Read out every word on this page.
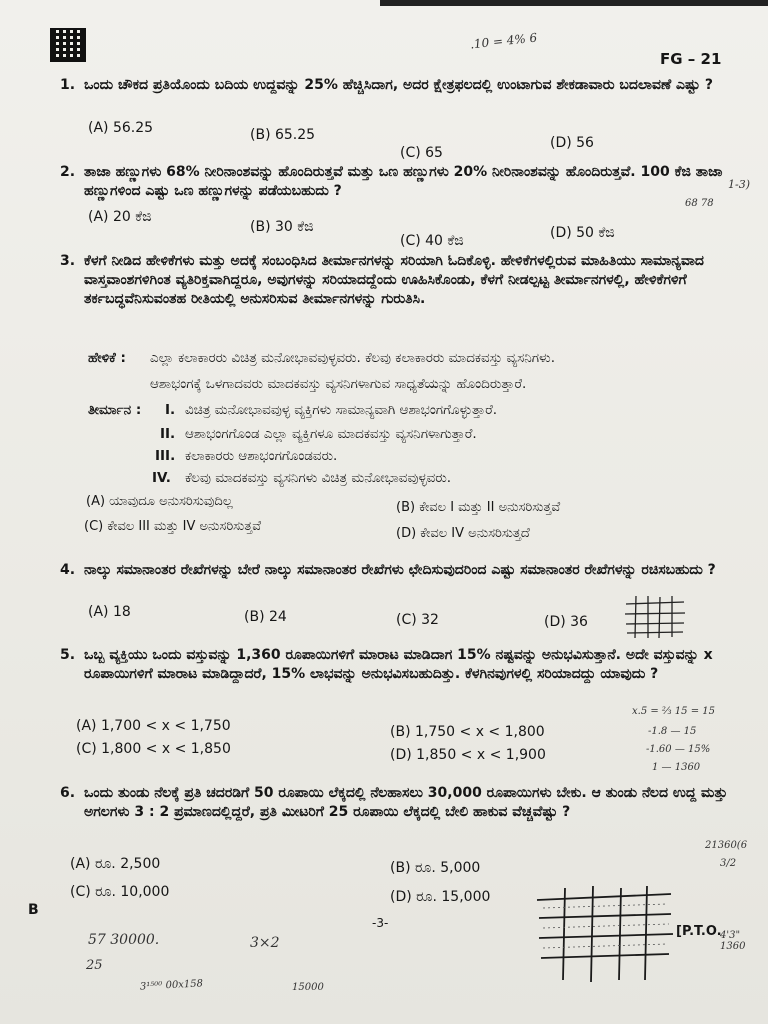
.10 = 4% 6
FG – 21
1. ಒಂದು ಚೌಕದ ಪ್ರತಿಯೊಂದು ಬದಿಯ ಉದ್ದವನ್ನು 25% ಹೆಚ್ಚಿಸಿದಾಗ, ಅದರ ಕ್ಷೇತ್ರಫಲದಲ್ಲಿ ಉಂಟಾಗುವ ಶೇಕಡಾವಾರು ಬದಲಾವಣೆ ಎಷ್ಟು ?
(A) 56.25	(B) 65.25
(C) 65
(D) 56
2. ತಾಜಾ ಹಣ್ಣುಗಳು 68% ನೀರಿನಾಂಶವನ್ನು ಹೊಂದಿರುತ್ತವೆ ಮತ್ತು ಒಣ ಹಣ್ಣುಗಳು 20% ನೀರಿನಾಂಶವನ್ನು ಹೊಂದಿರುತ್ತವೆ. 100 ಕೆಜಿ ತಾಜಾ ಹಣ್ಣುಗಳಿಂದ ಎಷ್ಟು ಒಣ ಹಣ್ಣುಗಳನ್ನು ಪಡೆಯಬಹುದು ?
(A) 20 ಕೆಜಿ
(B) 30 ಕೆಜಿ
(C) 40 ಕೆಜಿ	(D) 50 ಕೆಜಿ
1-3)
68 78
3. ಕೆಳಗೆ ನೀಡಿದ ಹೇಳಿಕೆಗಳು ಮತ್ತು ಅದಕ್ಕೆ ಸಂಬಂಧಿಸಿದ ತೀರ್ಮಾನಗಳನ್ನು ಸರಿಯಾಗಿ ಓದಿಕೊಳ್ಳಿ. ಹೇಳಿಕೆಗಳಲ್ಲಿರುವ ಮಾಹಿತಿಯು ಸಾಮಾನ್ಯವಾದ ವಾಸ್ತವಾಂಶಗಳಿಗಿಂತ ವ್ಯತಿರಿಕ್ತವಾಗಿದ್ದರೂ, ಅವುಗಳನ್ನು ಸರಿಯಾದದ್ದೆಂದು ಊಹಿಸಿಕೊಂಡು, ಕೆಳಗೆ ನೀಡಲ್ಪಟ್ಟ ತೀರ್ಮಾನಗಳಲ್ಲಿ, ಹೇಳಿಕೆಗಳಿಗೆ ತರ್ಕಬದ್ಧವೆನಿಸುವಂತಹ ರೀತಿಯಲ್ಲಿ ಅನುಸರಿಸುವ ತೀರ್ಮಾನಗಳನ್ನು ಗುರುತಿಸಿ.
ಹೇಳಿಕೆ : ಎಲ್ಲಾ ಕಲಾಕಾರರು ವಿಚಿತ್ರ ಮನೋಭಾವವುಳ್ಳವರು. ಕೆಲವು ಕಲಾಕಾರರು ಮಾದಕವಸ್ತು ವ್ಯಸನಿಗಳು.
ಆಶಾಭಂಗಕ್ಕೆ ಒಳಗಾದವರು ಮಾದಕವಸ್ತು ವ್ಯಸನಿಗಳಾಗುವ ಸಾಧ್ಯತೆಯನ್ನು ಹೊಂದಿರುತ್ತಾರೆ.
ತೀರ್ಮಾನ : I. ವಿಚಿತ್ರ ಮನೋಭಾವವುಳ್ಳ ವ್ಯಕ್ತಿಗಳು ಸಾಮಾನ್ಯವಾಗಿ ಆಶಾಭಂಗಗೊಳ್ಳುತ್ತಾರೆ.
II. ಆಶಾಭಂಗಗೊಂಡ ಎಲ್ಲಾ ವ್ಯಕ್ತಿಗಳೂ ಮಾದಕವಸ್ತು ವ್ಯಸನಿಗಳಾಗುತ್ತಾರೆ.
III. ಕಲಾಕಾರರು ಆಶಾಭಂಗಗೊಂಡವರು.
IV. ಕೆಲವು ಮಾದಕವಸ್ತು ವ್ಯಸನಿಗಳು ವಿಚಿತ್ರ ಮನೋಭಾವವುಳ್ಳವರು.
(A) ಯಾವುದೂ ಅನುಸರಿಸುವುದಿಲ್ಲ	(B) ಕೇವಲ I ಮತ್ತು II ಅನುಸರಿಸುತ್ತವೆ
(C) ಕೇವಲ III ಮತ್ತು IV ಅನುಸರಿಸುತ್ತವೆ	(D) ಕೇವಲ IV ಅನುಸರಿಸುತ್ತದೆ
4. ನಾಲ್ಕು ಸಮಾನಾಂತರ ರೇಖೆಗಳನ್ನು ಬೇರೆ ನಾಲ್ಕು ಸಮಾನಾಂತರ ರೇಖೆಗಳು ಛೇದಿಸುವುದರಿಂದ ಎಷ್ಟು ಸಮಾನಾಂತರ ರೇಖೆಗಳನ್ನು ರಚಿಸಬಹುದು ?
(A) 18	(B) 24	(C) 32	(D) 36
5. ಒಬ್ಬ ವ್ಯಕ್ತಿಯು ಒಂದು ವಸ್ತುವನ್ನು 1,360 ರೂಪಾಯಿಗಳಿಗೆ ಮಾರಾಟ ಮಾಡಿದಾಗ 15% ನಷ್ಟವನ್ನು ಅನುಭವಿಸುತ್ತಾನೆ. ಅದೇ ವಸ್ತುವನ್ನು x ರೂಪಾಯಿಗಳಿಗೆ ಮಾರಾಟ ಮಾಡಿದ್ದಾದರೆ, 15% ಲಾಭವನ್ನು ಅನುಭವಿಸಬಹುದಿತ್ತು. ಕೆಳಗಿನವುಗಳಲ್ಲಿ ಸರಿಯಾದದ್ದು ಯಾವುದು ?
(A) 1,700 < x < 1,750	(B) 1,750 < x < 1,800
(C) 1,800 < x < 1,850	(D) 1,850 < x < 1,900
x.5 = ⅔ 15 = 15
-1.8 — 15
-1.60 — 15%
1 — 1360
6. ಒಂದು ತುಂಡು ನೆಲಕ್ಕೆ ಪ್ರತಿ ಚದರಡಿಗೆ 50 ರೂಪಾಯಿ ಲೆಕ್ಕದಲ್ಲಿ ನೆಲಹಾಸಲು 30,000 ರೂಪಾಯಿಗಳು ಬೇಕು. ಆ ತುಂಡು ನೆಲದ ಉದ್ದ ಮತ್ತು ಅಗಲಗಳು 3 : 2 ಪ್ರಮಾಣದಲ್ಲಿದ್ದರೆ, ಪ್ರತಿ ಮೀಟರಿಗೆ 25 ರೂಪಾಯಿ ಲೆಕ್ಕದಲ್ಲಿ ಬೇಲಿ ಹಾಕುವ ವೆಚ್ಚವೆಷ್ಟು ?
(A) ರೂ. 2,500	(B) ರೂ. 5,000
(C) ರೂ. 10,000	(D) ರೂ. 15,000
21360(6
3/2
B
-3-
[P.T.O.
57 30000.	3×2
25
3¹⁵⁰⁰ 00x158	15000
4'3" 1360
